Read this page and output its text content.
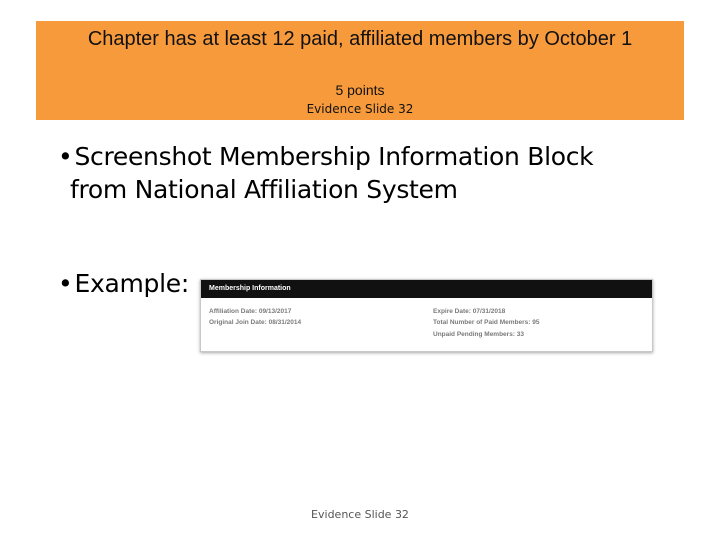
Chapter has at least 12 paid, affiliated members by October 1
5 points
Evidence Slide 32
•Screenshot Membership Information Block
from National Affiliation System
•Example:	Membership Information
Affiliation Date: 09/13/2017
Original Join Date: 08/31/2014
Expire Date: 07/31/2018
Total Number of Paid Members: 95
Unpaid Pending Members: 33
Evidence Slide 32
